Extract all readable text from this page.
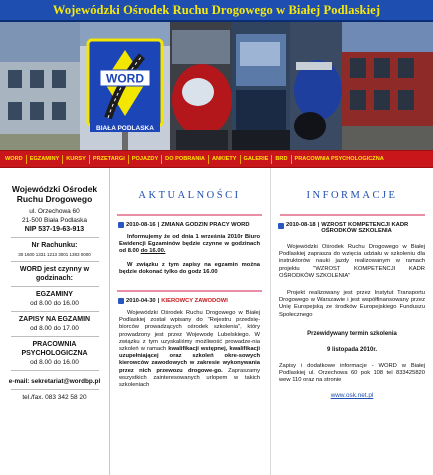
Wojewódzki Ośrodek Ruchu Drogowego w Białej Podlaskiej
WORD
BIAŁA PODLASKA
WORD	EGZAMINY	KURSY	PRZETARGI	POJAZDY	DO POBRANIA	ANKIETY	GALERIE	BRD	PRACOWNIA PSYCHOLOGICZNA
Wojewódzki Ośrodek
Ruchu Drogowego
ul. Orzechowa 60
21-500 Biała Podlaska
NIP 537-19-63-913
Nr Rachunku:
30 1600 1331 1213 3001 1383 0000
WORD jest czynny w
godzinach:
EGZAMINY
od 8.00 do 16.00
ZAPISY NA EGZAMIN
od 8.00 do 17.00
PRACOWNIA
PSYCHOLOGICZNA
od 8.00 do 16.00
e-mail: sekretariat@wordbp.pl
tel./fax. 083 342 58 20
AKTUALNOŚCI
2010-08-16 | ZMIANA GODZIN PRACY WORD

Informujemy że od dnia 1 września 2010r Biuro Ewidencji Egzaminów będzie czynne w godzinach od 8.00 do 16.00.

W związku z tym zapisy na egzamin można będzie dokonać tylko do godz 16.00

2010-04-30 | KIEROWCY ZAWODOWI

Wojewódzki Ośrodek Ruchu Drogowego w Białej Podlaskiej został wpisany do "Rejestru przedsię-biorców prowadzących ośrodek szkolenia", który prowadzony jest przez Wojewodę Lubelskiego. W związku z tym uzyskaliśmy możliwość prowadze-nia szkoleń w ramach kwalifikacji wstępnej, kwalifikacji uzupełniającej oraz szkoleń okre-sowych kierowców zawodowych w zakresie wykonywania przez nich przewozu drogowe-go. Zapraszamy wszystkich zainteresowanych urlopem w takich szkoleniach

INFORMACJE
2010-08-18 | WZROST KOMPETENCJI KADR OŚRODKÓW SZKOLENIA

Wojewódzki Ośrodek Ruchu Drogowego w Białej Podlaskiej zaprasza do wzięcia udziału w szkoleniu dla instruktorów nauki jazdy realizowanym w ramach projektu "WZROST KOMPETENCJI KADR OŚRODKÓW SZKOLENIA"

Projekt realizowany jest przez Instytut Transportu Drogowego w Warszawie i jest współfinansowany przez Unię Europejską ze środków Europejskiego Funduszu Społecznego

Przewidywany termin szkolenia
9 listopada 2010r.

Zapisy i dodatkowe informacje - WORD w Białej Podlaskiej ul. Orzechowa 60 pok 108 tel 833425820 wew 110 oraz na stronie

www.osk.net.pl
